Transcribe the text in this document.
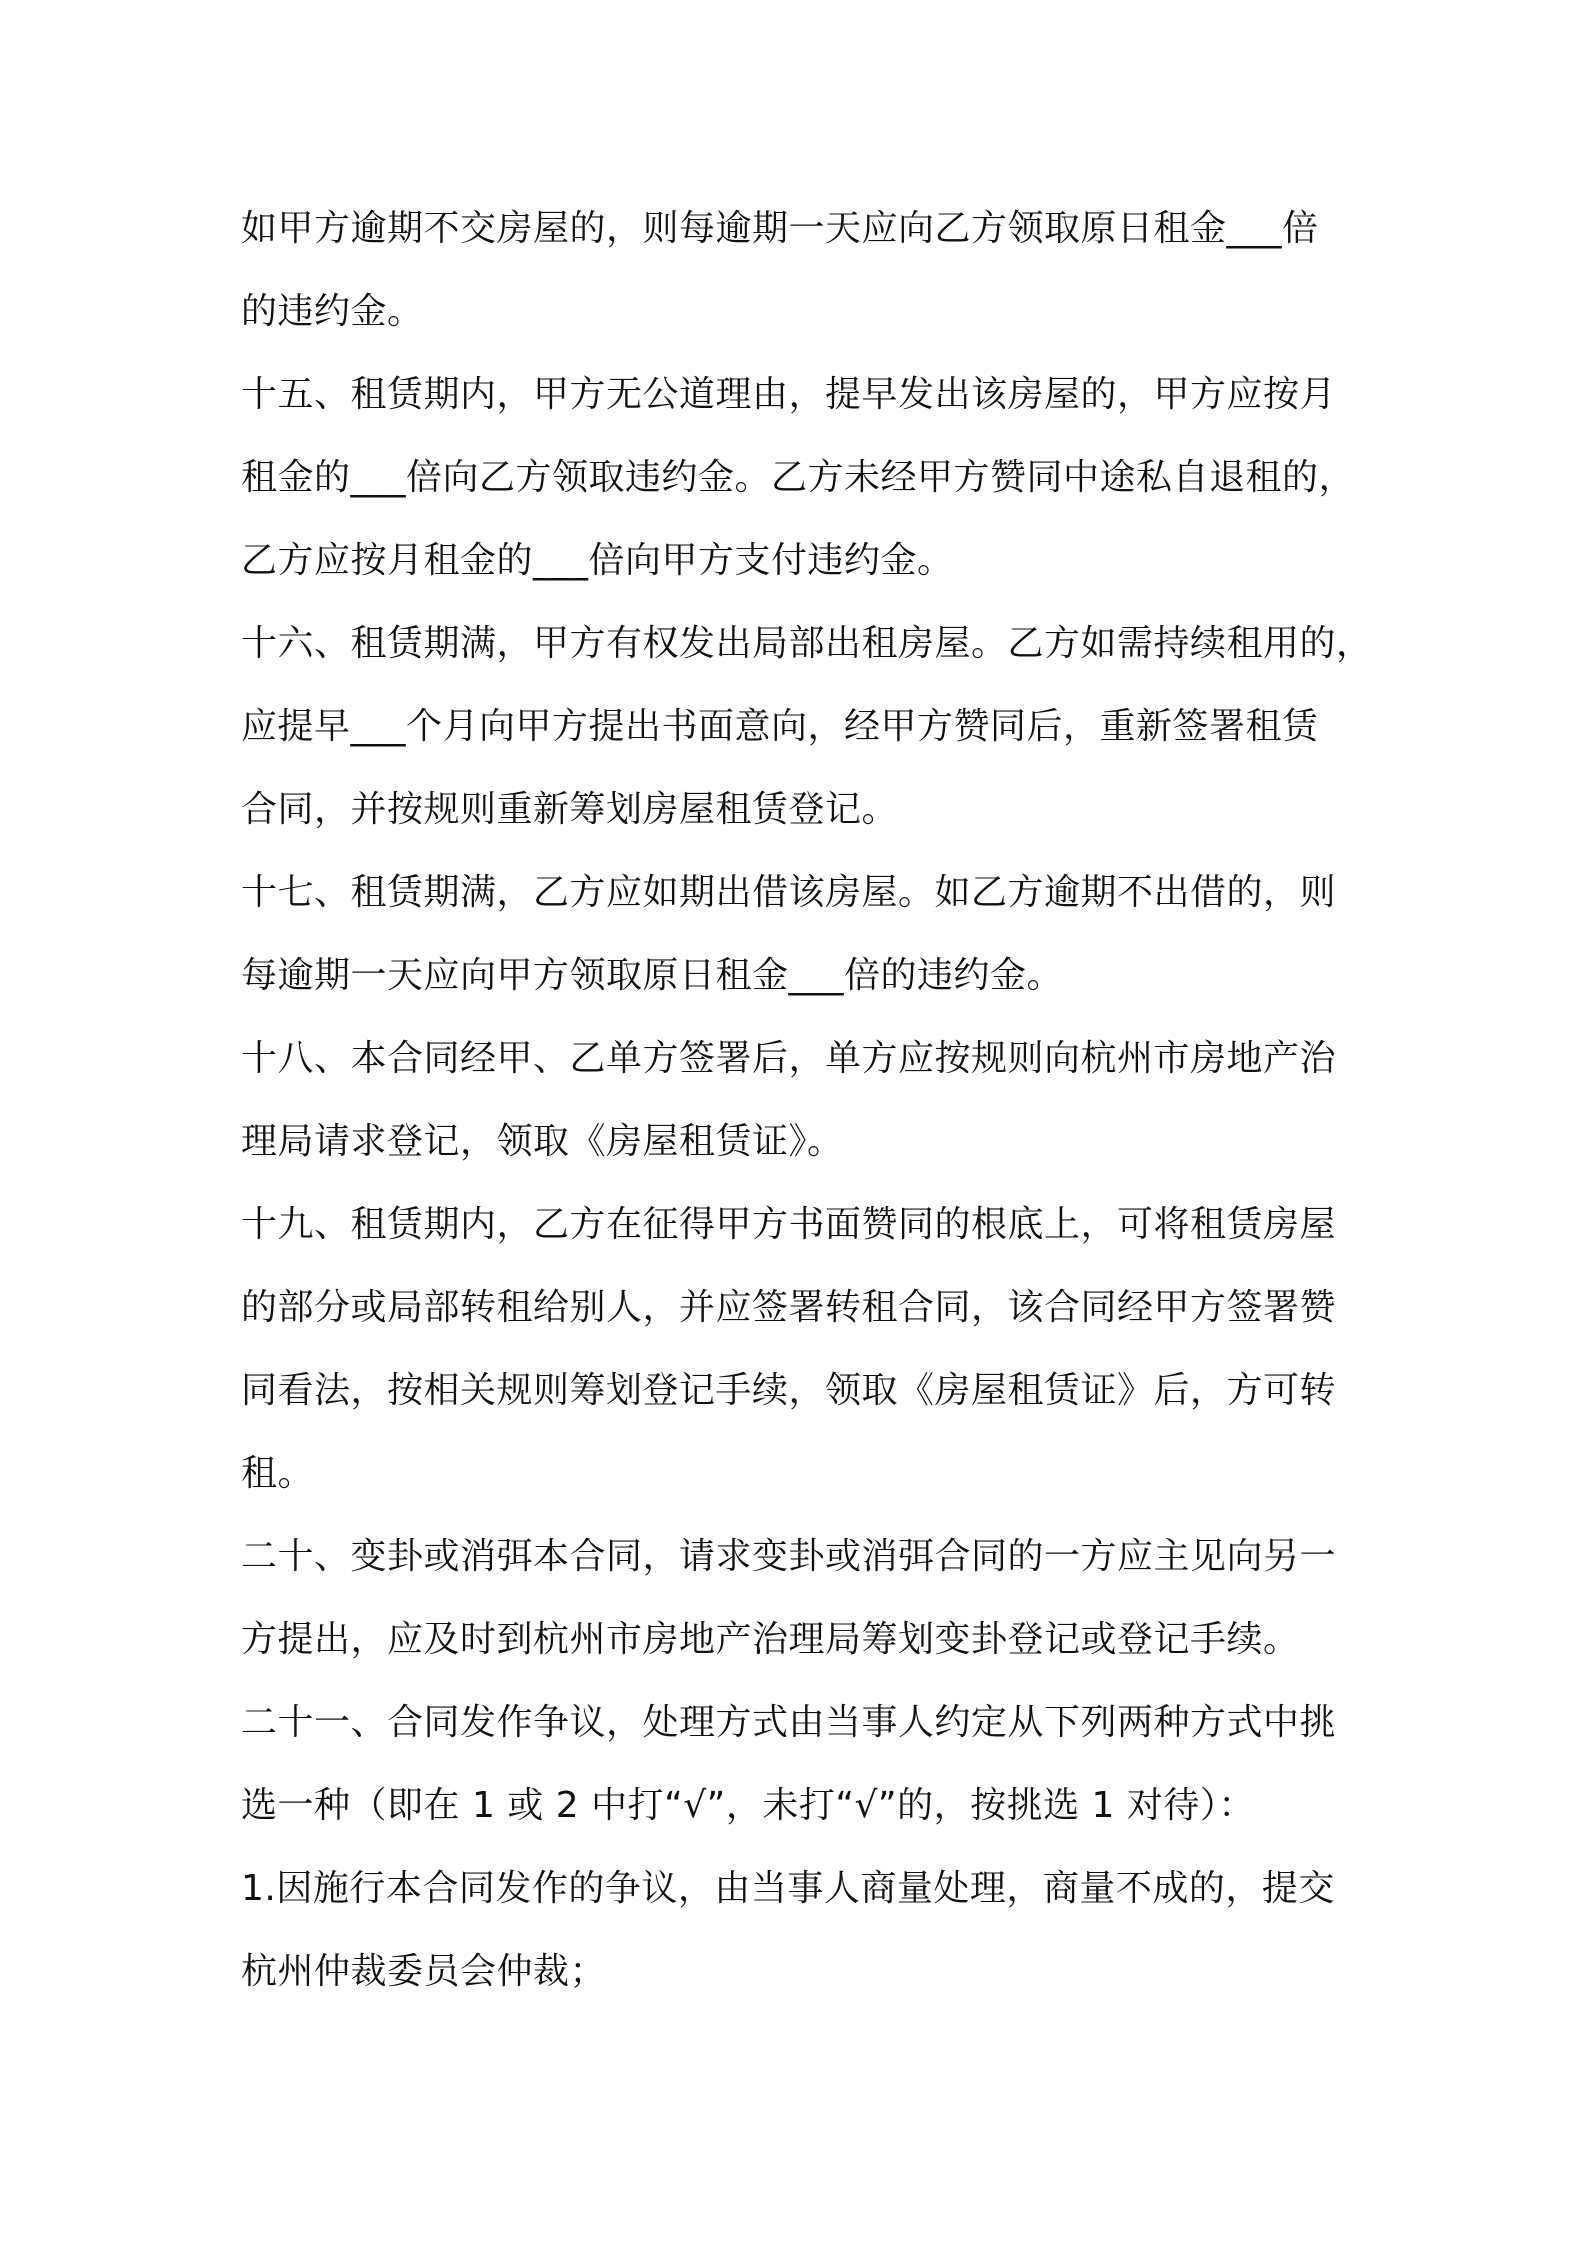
如甲方逾期不交房屋的，则每逾期一天应向乙方领取原日租金___倍
的违约金。
十五、租赁期内，甲方无公道理由，提早发出该房屋的，甲方应按月
租金的___倍向乙方领取违约金。乙方未经甲方赞同中途私自退租的，
乙方应按月租金的___倍向甲方支付违约金。
十六、租赁期满，甲方有权发出局部出租房屋。乙方如需持续租用的，
应提早___个月向甲方提出书面意向，经甲方赞同后，重新签署租赁
合同，并按规则重新筹划房屋租赁登记。
十七、租赁期满，乙方应如期出借该房屋。如乙方逾期不出借的，则
每逾期一天应向甲方领取原日租金___倍的违约金。
十八、本合同经甲、乙单方签署后，单方应按规则向杭州市房地产治
理局请求登记，领取《房屋租赁证》。
十九、租赁期内，乙方在征得甲方书面赞同的根底上，可将租赁房屋
的部分或局部转租给别人，并应签署转租合同，该合同经甲方签署赞
同看法，按相关规则筹划登记手续，领取《房屋租赁证》后，方可转
租。
二十、变卦或消弭本合同，请求变卦或消弭合同的一方应主见向另一
方提出，应及时到杭州市房地产治理局筹划变卦登记或登记手续。
二十一、合同发作争议，处理方式由当事人约定从下列两种方式中挑
选一种（即在 1 或 2 中打“√”，未打“√”的，按挑选 1 对待）：
1.因施行本合同发作的争议，由当事人商量处理，商量不成的，提交
杭州仲裁委员会仲裁；
